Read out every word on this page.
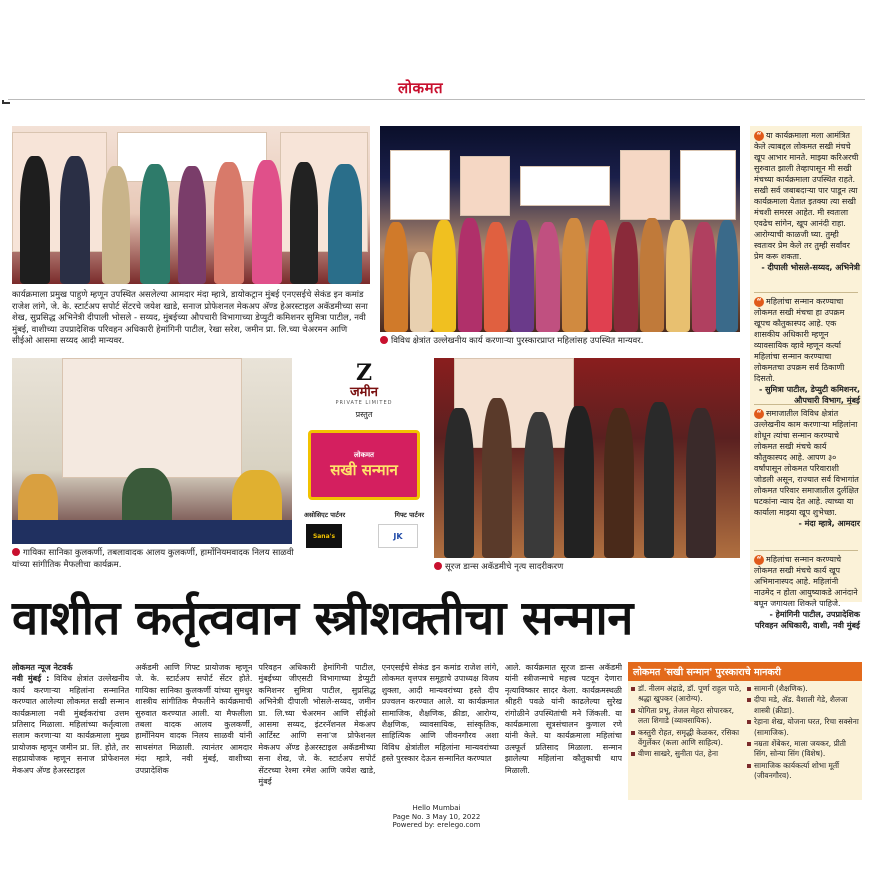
लोकमत
कार्यक्रमाला प्रमुख पाहुणे म्हणून उपस्थित असलेल्या आमदार मंदा म्हात्रे, डायोकट्रान मुंबई एनएसईचे सेकंड इन कमांड राजेश लांगे, जे. के. स्टार्टअप सपोर्ट सेंटरचे जयेश खाडे, सनाज प्रोफेशनल मेकअप अ‍ॅण्ड हेअरस्टाइल अकॅडमीच्या सना शेख, सुप्रसिद्ध अभिनेत्री दीपाली भोसले - सय्यद, मुंबईच्या औपचारी विभागाच्या डेप्युटी कमिशनर सुमित्रा पाटील, नवी मुंबई, वाशीच्या उपप्रादेशिक परिवहन अधिकारी हेमांगिनी पाटील, रेखा सरेश, जमीन प्रा. लि.च्या चेअरमन आणि सीईओ आसमा सय्यद आदी मान्यवर.	विविध क्षेत्रांत उल्लेखनीय कार्य करणाऱ्या पुरस्कारप्राप्त महिलांसह उपस्थित मान्यवर.
गायिका सानिका कुलकर्णी, तबलावादक आलय कुलकर्णी, हार्मोनियमवादक निलय साळवी यांच्या सांगीतिक मैफलीचा कार्यक्रम.
Z
जमीन
PRIVATE LIMITED
प्रस्तुत
लोकमत
सखी सन्मान
असोसिएट पार्टनर	गिफ्ट पार्टनर
Sana's	JK
सूरज डान्स अकॅडमीचे नृत्य सादरीकरण
“ या कार्यक्रमाला मला आमंत्रित केले त्याबद्दल लोकमत सखी मंचचे खूप आभार मानते. माझ्या करिअरची सुरुवात झाली तेव्हापासून मी सखी मंचच्या कार्यक्रमाला उपस्थित राहते. सखी सर्व जबाबदाऱ्या पार पाडून त्या कार्यक्रमाला येतात इतक्या त्या सखी मंचशी समरस आहेत. मी स्वतःला एवढेच सांगेन, खूप आनंदी राहा. आरोग्याची काळजी घ्या. तुम्ही स्वतःवर प्रेम केले तर तुम्ही सर्वांवर प्रेम करू शकता.
- दीपाली भोसले-सय्यद, अभिनेत्री
“ महिलांचा सन्मान करण्याचा लोकमत सखी मंचचा हा उपक्रम खूपच कौतुकास्पद आहे. एक शासकीय अधिकारी म्हणून व्यावसायिक व्हावे म्हणून कर्त्या महिलांचा सन्मान करण्याचा लोकमतचा उपक्रम सर्व ठिकाणी दिसतो.
- सुमित्रा पाटील, डेप्युटी कमिशनर, औपचारी विभाग, मुंबई
“ समाजातील विविध क्षेत्रांत उल्लेखनीय काम करणाऱ्या महिलांना शोधून त्यांचा सन्मान करण्याचे लोकमत सखी मंचचे कार्य कौतुकास्पद आहे. आपण ३० वर्षांपासून लोकमत परिवाराशी जोडली असून, राज्यात सर्व विभागांत लोकमत परिवार समाजातील दुर्लक्षित घटकांना न्याय देत आहे. त्याच्या या कार्याला माझ्या खूप शुभेच्छा.
- मंदा म्हात्रे, आमदार
“ महिलांचा सन्मान करण्याचे लोकमत सखी मंचचे कार्य खूप अभिमानास्पद आहे. महिलांनी नाउमेद न होता आयुष्याकडे आनंदाने बघून जगायला शिकले पाहिजे.
- हेमांगिनी पाटील, उपप्रादेशिक परिवहन अधिकारी, वाशी, नवी मुंबई
वाशीत कर्तृत्ववान स्त्रीशक्तीचा सन्मान
लोकमत न्यूज नेटवर्क
नवी मुंबई : विविध क्षेत्रांत उल्लेखनीय कार्य करणाऱ्या महिलांना सन्मानित करण्यात आलेल्या लोकमत सखी सन्मान कार्यक्रमाला नवी मुंबईकरांचा उत्तम प्रतिसाद मिळाला. महिलांच्या कर्तृत्वाला सलाम करणाऱ्या या कार्यक्रमाला मुख्य प्रायोजक म्हणून जमीन प्रा. लि. होते, तर सहप्रायोजक म्हणून सनाज प्रोफेशनल मेकअप अ‍ॅण्ड हेअरस्टाइल
अकॅडमी आणि गिफ्ट प्रायोजक म्हणून जे. के. स्टार्टअप सपोर्ट सेंटर होते. गायिका सानिका कुलकर्णी यांच्या सुमधुर शास्त्रीय सांगीतिक मैफलीने कार्यक्रमाची सुरुवात करण्यात आली. या मैफलीला तबला वादक आलय कुलकर्णी, हार्मोनियम वादक निलय साळवी यांनी साथसंगत मिळाली. त्यानंतर आमदार मंदा म्हात्रे, नवी मुंबई, वाशीच्या उपप्रादेशिक
परिवहन अधिकारी हेमांगिनी पाटील, मुंबईच्या जीएसटी विभागाच्या डेप्युटी कमिशनर सुमित्रा पाटील, सुप्रसिद्ध अभिनेत्री दीपाली भोसले-सय्यद, जमीन प्रा. लि.च्या चेअरमन आणि सीईओ आसमा सय्यद, इंटरनॅशनल मेकअप आर्टिस्ट आणि सना'ज प्रोफेशनल मेकअप अ‍ॅण्ड हेअरस्टाइल अकॅडमीच्या सना शेख, जे. के. स्टार्टअप सपोर्ट सेंटरच्या रेश्मा रमेश आणि जयेश खाडे, मुंबई
एनएसईचे सेकंड इन कमांड राजेश लांगे, लोकमत वृत्तपत्र समूहाचे उपाध्यक्ष विजय शुक्ला, आदी मान्यवरांच्या हस्ते दीप प्रज्वलन करण्यात आले. या कार्यक्रमात सामाजिक, शैक्षणिक, क्रीडा, आरोग्य, शैक्षणिक, व्यावसायिक, सांस्कृतिक, साहित्यिक आणि जीवनगौरव अशा विविध क्षेत्रांतील महिलांना मान्यवरांच्या हस्ते पुरस्कार देऊन सन्मानित करण्यात
आले. कार्यक्रमात सूरज डान्स अकॅडमी यांनी स्त्रीजन्माचे महत्त्व पटवून देणारा नृत्याविष्कार सादर केला. कार्यक्रमस्थळी श्रीहरी पवळे यांनी काढलेल्या सुरेख रांगोळीने उपस्थितांची मने जिंकली. या कार्यक्रमाला सूत्रसंचालन कुणाल रणे यांनी केले. या कार्यक्रमाला महिलांचा उत्स्फूर्त प्रतिसाद मिळाला. सन्मान झालेल्या महिलांना कौतुकाची थाप मिळाली.
लोकमत 'सखी सन्मान' पुरस्काराचे मानकरी
डॉ. नीलम अंद्राडे, डॉ. पूर्णा राहुल पाठे, श्रद्धा खुपकर (आरोग्य).
योगिता प्रभू, तेजल मेहरा सोपारकर, लता शिगाडे (व्यावसायिक).
कस्तुरी रोहत, समृद्धी केळकर, रसिका वेंगुर्लेकर (कला आणि साहित्य).
वीणा साखरे, सुनीता पंत, हेना
सामानी (शैक्षणिक).
दीपा मडे, ॲड. वैशाली गेडे, शैलजा शास्त्री (क्रीडा).
रेहाना शेख, योजना घरत, रिचा सक्सेना (सामाजिक).
नम्रता शेंबेकर, माला जयकर, प्रीती सिंग, सोन्या सिंग (विशेष).
सामाजिक कार्यकर्त्या शोभा मूर्ती (जीवनगौरव).
Hello Mumbai
Page No. 3 May 10, 2022
Powered by: erelego.com
